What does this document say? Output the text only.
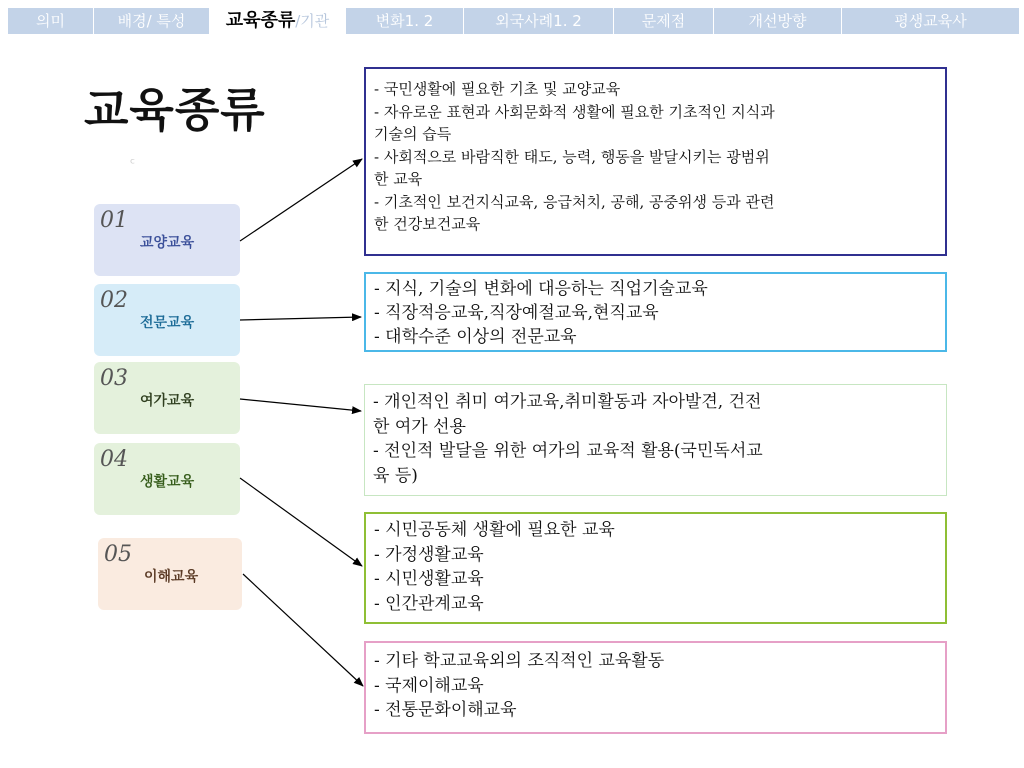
의미	배경/ 특성	교육종류/기관	변화1. 2	외국사례1. 2	문제점	개선방향	평생교육사
교육종류
ᶜ
01
교양교육
02
전문교육
03
여가교육
04
생활교육
05
이해교육
- 국민생활에 필요한 기초 및 교양교육
- 자유로운 표현과 사회문화적 생활에 필요한 기초적인 지식과
기술의 습득
- 사회적으로 바람직한 태도, 능력, 행동을 발달시키는 광범위
한 교육
- 기초적인 보건지식교육, 응급처치, 공해, 공중위생 등과 관련
한 건강보건교육
- 지식, 기술의 변화에 대응하는 직업기술교육
- 직장적응교육,직장예절교육,현직교육
- 대학수준 이상의 전문교육
- 개인적인 취미 여가교육,취미활동과 자아발견, 건전
한 여가 선용
- 전인적 발달을 위한 여가의 교육적 활용(국민독서교
육 등)
- 시민공동체 생활에 필요한 교육
- 가정생활교육
- 시민생활교육
- 인간관계교육
- 기타 학교교육외의 조직적인 교육활동
- 국제이해교육
- 전통문화이해교육
